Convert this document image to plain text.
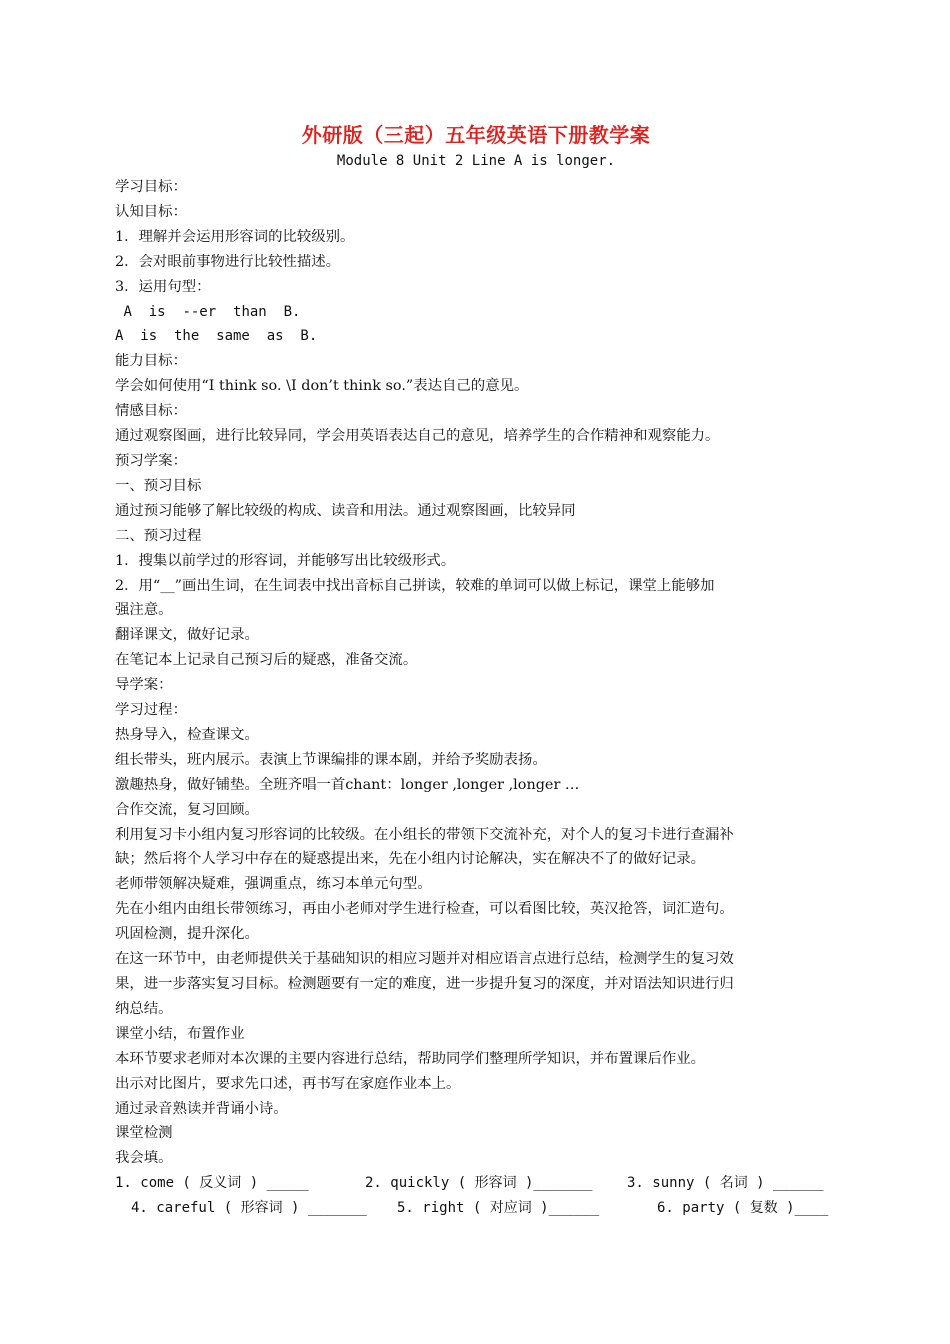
外研版（三起）五年级英语下册教学案

Module 8 Unit 2 Line A is longer.

学习目标：

认知目标：

1．理解并会运用形容词的比较级别。

2．会对眼前事物进行比较性描述。

3．运用句型：

A  is  --er  than  B.

A  is  the  same  as  B.

能力目标：

学会如何使用“I think so. \I don’t think so.”表达自己的意见。

情感目标：

通过观察图画，进行比较异同，学会用英语表达自己的意见，培养学生的合作精神和观察能力。

预习学案：

一、预习目标

通过预习能够了解比较级的构成、读音和用法。通过观察图画，比较异同

二、预习过程

1．搜集以前学过的形容词，并能够写出比较级形式。

2．用“__”画出生词，在生词表中找出音标自己拼读，较难的单词可以做上标记，课堂上能够加

强注意。

翻译课文，做好记录。

在笔记本上记录自己预习后的疑惑，准备交流。

导学案：

学习过程：

热身导入，检查课文。

组长带头，班内展示。表演上节课编排的课本剧，并给予奖励表扬。

激趣热身，做好铺垫。全班齐唱一首chant：longer ,longer ,longer …

合作交流，复习回顾。

利用复习卡小组内复习形容词的比较级。在小组长的带领下交流补充，对个人的复习卡进行查漏补

缺；然后将个人学习中存在的疑惑提出来，先在小组内讨论解决，实在解决不了的做好记录。

老师带领解决疑难，强调重点，练习本单元句型。

先在小组内由组长带领练习，再由小老师对学生进行检查，可以看图比较，英汉抢答，词汇造句。

巩固检测，提升深化。

在这一环节中，由老师提供关于基础知识的相应习题并对相应语言点进行总结，检测学生的复习效

果，进一步落实复习目标。检测题要有一定的难度，进一步提升复习的深度，并对语法知识进行归

纳总结。

课堂小结，布置作业

本环节要求老师对本次课的主要内容进行总结，帮助同学们整理所学知识，并布置课后作业。

出示对比图片，要求先口述，再书写在家庭作业本上。

通过录音熟读并背诵小诗。

课堂检测

我会填。

1. come ( 反义词 ) _____	2. quickly ( 形容词 )_______	3. sunny ( 名词 ) ______
4. careful ( 形容词 ) _______	5. right ( 对应词 )______	6. party ( 复数 )____
